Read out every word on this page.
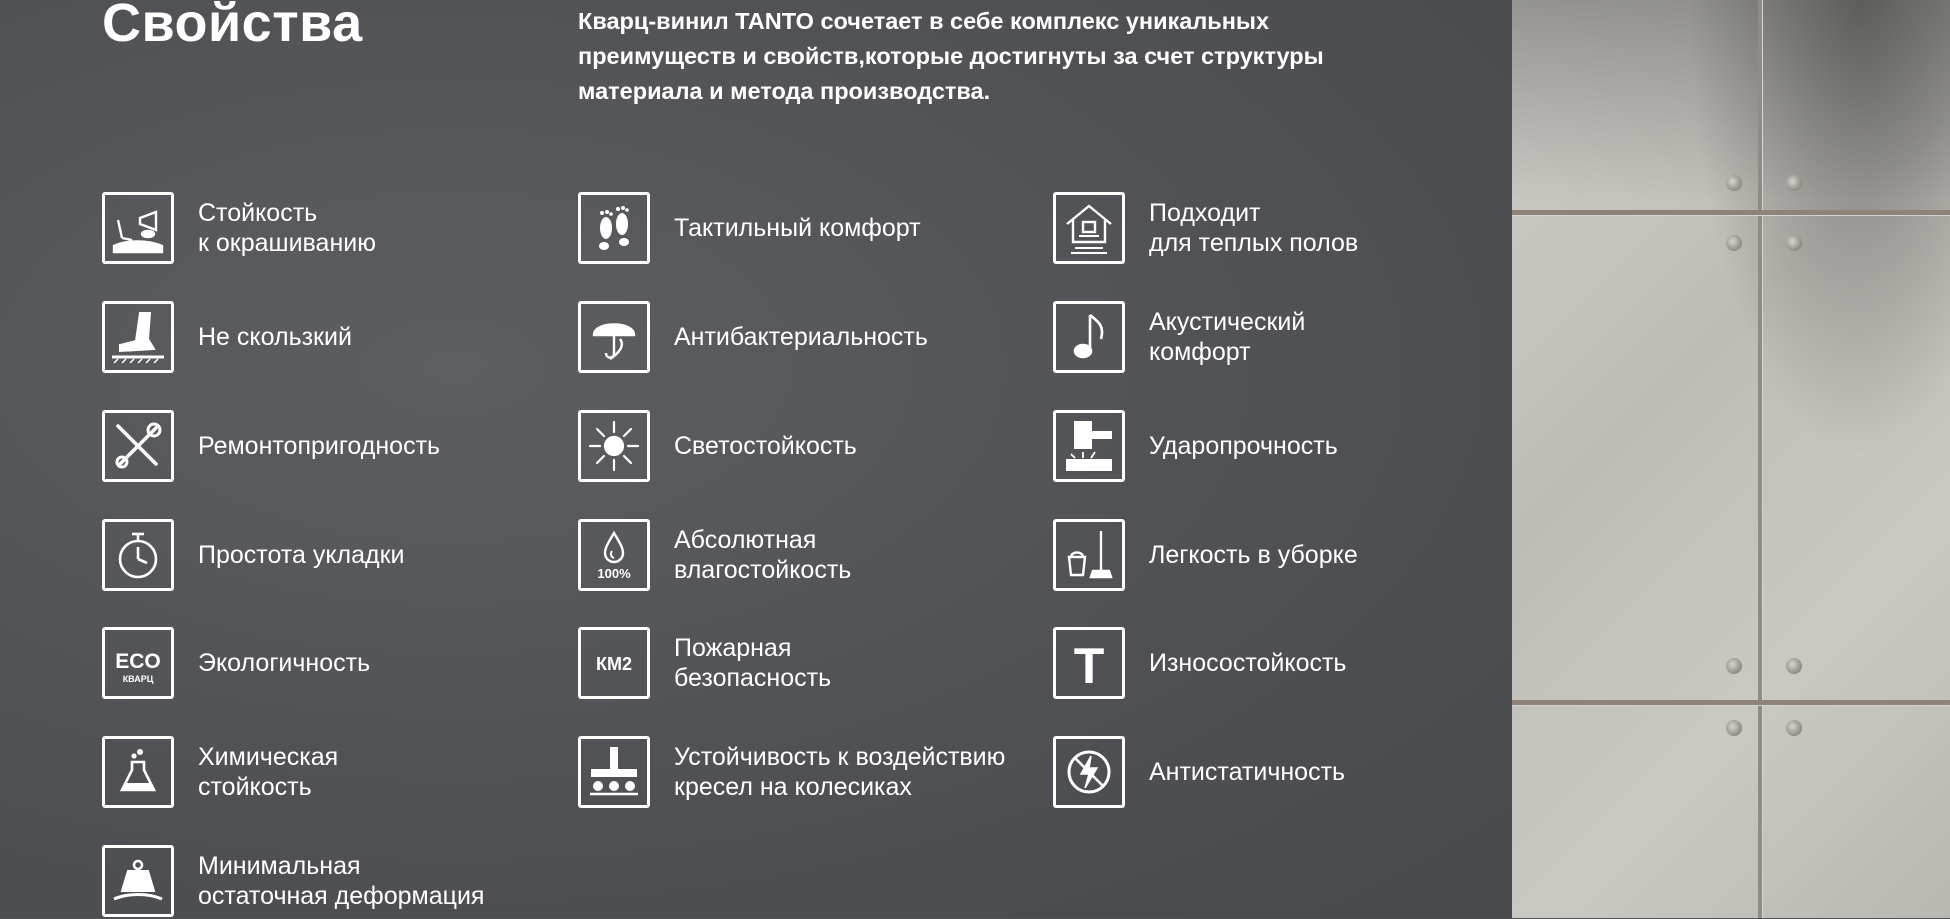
Свойства	Кварц-винил TANTO сочетает в себе комплекс уникальных преимуществ и свойств,которые достигнуты за счет структуры материала и метода производства.

Стойкость
к окрашиванию
Не скользкий
Ремонтопригодность
Простота укладки
ECO
КВАРЦ
Экологичность
Химическая
стойкость
Минимальная
остаточная деформация
Тактильный комфорт
Антибактериальность
Светостойкость
100%
Абсолютная
влагостойкость
КМ2
Пожарная
безопасность
Устойчивость к воздействию
кресел на колесиках
Подходит
для теплых полов
Акустический
комфорт
Ударопрочность
Легкость в уборке
T Износостойкость
Антистатичность
